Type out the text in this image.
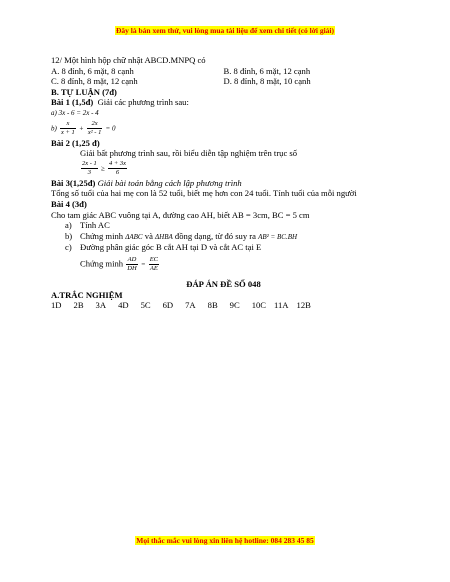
Đây là bản xem thử, vui lòng mua tài liệu để xem chi tiết (có lời giải)
12/ Một hình hộp chữ nhật ABCD.MNPQ có
A. 8 đỉnh, 6 mặt, 8 cạnh	B. 8 đỉnh, 6 mặt, 12 cạnh
C. 8 đỉnh, 8 mặt, 12 cạnh	D. 8 đỉnh, 8 mặt, 10 cạnh
B. TỰ LUẬN (7đ)
Bài 1 (1,5đ) Giải các phương trình sau:
a) 3x - 6 = 2x - 4
$b) \frac{x}{x + 1} + \frac{2x}{\text{x² - 1}} = 0$
Bài 2 (1,25 đ)
Giải bất phương trình sau, rồi biểu diễn tập nghiệm trên trục số
$\frac{2x - 1}{3} \ge \frac{4 + 3x}{6}$
Bài 3(1,25đ) Giải bài toán bằng cách lập phương trình
Tổng số tuổi của hai mẹ con là 52 tuổi, biết mẹ hơn con 24 tuổi. Tính tuổi của mỗi người
Bài 4 (3đ)
Cho tam giác ABC vuông tại A, đường cao AH, biết AB = 3cm, BC = 5 cm
a) Tính AC
b) Chứng minh ΔABC và ΔHBA đồng dạng, từ đó suy ra AB² = BC.BH
c) Đường phân giác góc B cắt AH tại D và cắt AC tại E
Chứng minh $\frac{AD}{DH} = \frac{EC}{AE}$
ĐÁP ÁN ĐỀ SỐ 048
A.TRẮC NGHIỆM
1D 2B 3A 4D 5C 6D 7A 8B 9C 10C 11A 12B
Mọi thắc mắc vui lòng xin liên hệ hotline: 084 283 45 85
